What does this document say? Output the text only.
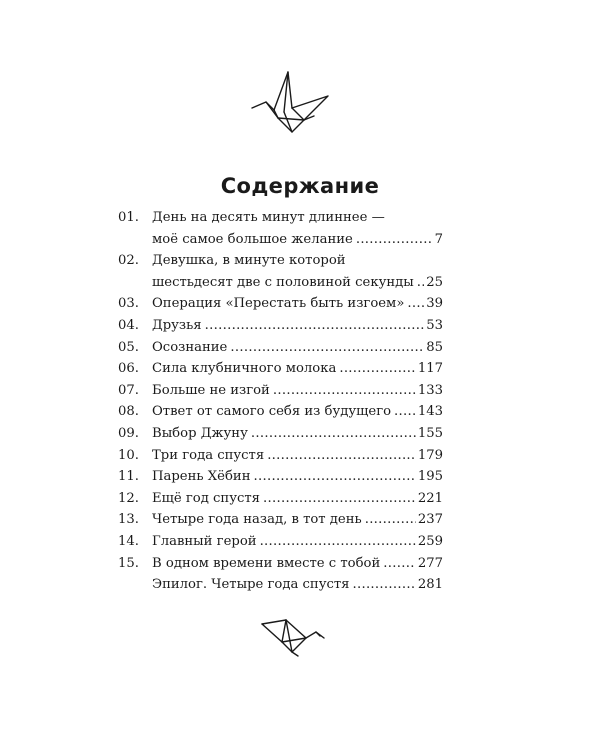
Содержание
01. День на десять минут длиннее —
моё самое большое желание .....	7
02. Девушка, в минуте которой
шестьдесят две с половиной секунды ..... 25
03. Операция «Перестать быть изгоем» ..... 39
04. Друзья .....	53
05. Осознание .....	85
06. Сила клубничного молока .....	117
07. Больше не изгой .....	133
08. Ответ от самого себя из будущего ..... 143
09. Выбор Джуну .....	155
10. Три года спустя .....	179
11. Парень Хёбин .....	195
12. Ещё год спустя .....	221
13. Четыре года назад, в тот день .....	237
14. Главный герой .....	259
15. В одном времени вместе с тобой .....	277
Эпилог. Четыре года спустя .....	281
